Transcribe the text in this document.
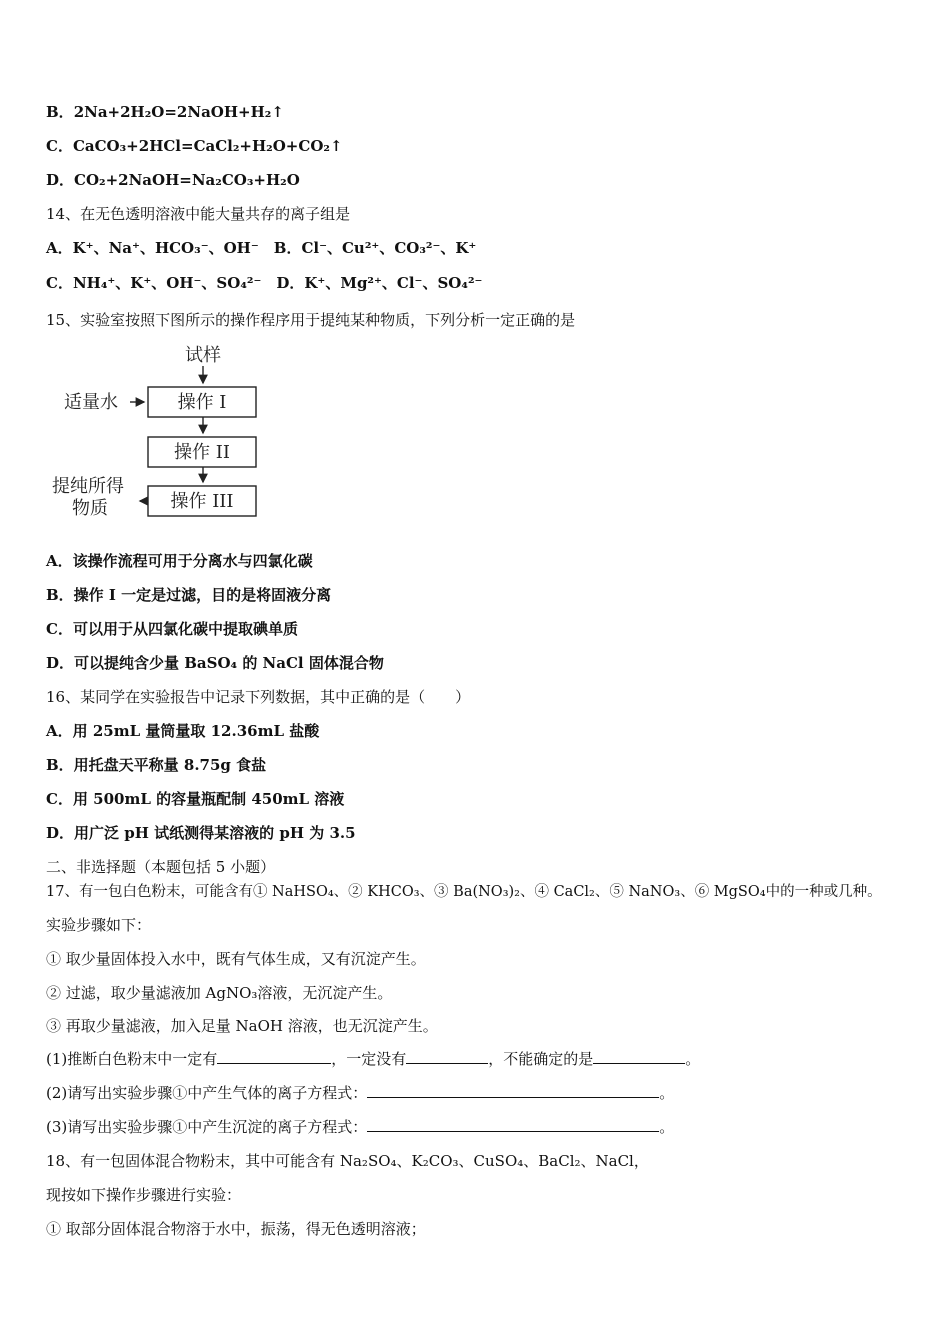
B．2Na+2H₂O=2NaOH+H₂↑
C．CaCO₃+2HCl=CaCl₂+H₂O+CO₂↑
D．CO₂+2NaOH=Na₂CO₃+H₂O
14、在无色透明溶液中能大量共存的离子组是
A．K⁺、Na⁺、HCO₃⁻、OH⁻　B．Cl⁻、Cu²⁺、CO₃²⁻、K⁺
C．NH₄⁺、K⁺、OH⁻、SO₄²⁻　D．K⁺、Mg²⁺、Cl⁻、SO₄²⁻
15、实验室按照下图所示的操作程序用于提纯某种物质，下列分析一定正确的是
试样
操作 I
适量水
操作 II
操作 III
提纯所得
物质
A．该操作流程可用于分离水与四氯化碳
B．操作 I 一定是过滤，目的是将固液分离
C．可以用于从四氯化碳中提取碘单质
D．可以提纯含少量 BaSO₄ 的 NaCl 固体混合物
16、某同学在实验报告中记录下列数据，其中正确的是（　　）
A．用 25mL 量筒量取 12.36mL 盐酸
B．用托盘天平称量 8.75g 食盐
C．用 500mL 的容量瓶配制 450mL 溶液
D．用广泛 pH 试纸测得某溶液的 pH 为 3.5
二、非选择题（本题包括 5 小题）
17、有一包白色粉末，可能含有① NaHSO₄、② KHCO₃、③ Ba(NO₃)₂、④ CaCl₂、⑤ NaNO₃、⑥ MgSO₄中的一种或几种。
实验步骤如下：
① 取少量固体投入水中，既有气体生成，又有沉淀产生。
② 过滤，取少量滤液加 AgNO₃溶液，无沉淀产生。
③ 再取少量滤液，加入足量 NaOH 溶液，也无沉淀产生。
(1)推断白色粉末中一定有	，一定没有	，不能确定的是	。
(2)请写出实验步骤①中产生气体的离子方程式：	。
(3)请写出实验步骤①中产生沉淀的离子方程式：	。
18、有一包固体混合物粉末，其中可能含有 Na₂SO₄、K₂CO₃、CuSO₄、BaCl₂、NaCl，
现按如下操作步骤进行实验：
① 取部分固体混合物溶于水中，振荡，得无色透明溶液；
